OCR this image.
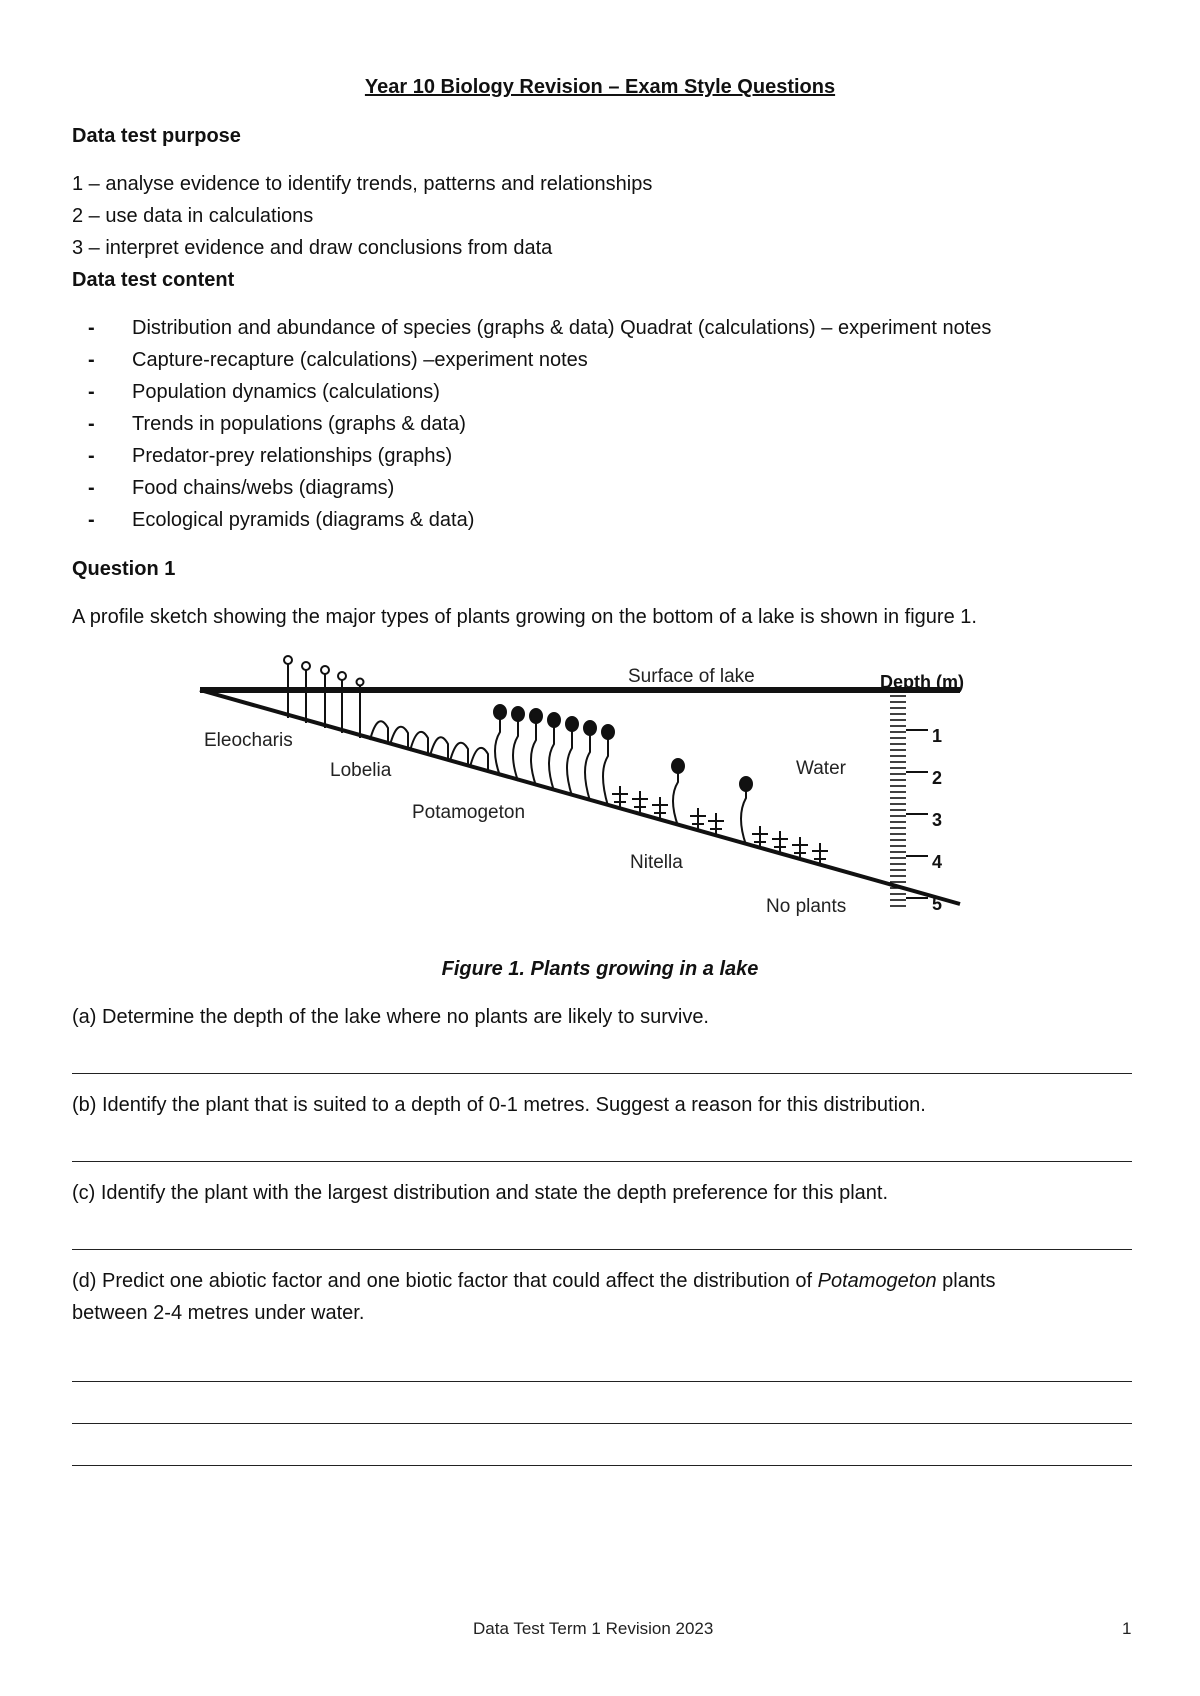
Year 10 Biology Revision – Exam Style Questions
Data test purpose
1 – analyse evidence to identify trends, patterns and relationships
2 – use data in calculations
3 – interpret evidence and draw conclusions from data
Data test content
- Distribution and abundance of species (graphs & data) Quadrat (calculations) – experiment notes
- Capture-recapture (calculations) –experiment notes
- Population dynamics (calculations)
- Trends in populations (graphs & data)
- Predator-prey relationships (graphs)
- Food chains/webs (diagrams)
- Ecological pyramids (diagrams & data)
Question 1
A profile sketch showing the major types of plants growing on the bottom of a lake is shown in figure 1.
Surface of lake	Depth (m)
Water
Eleocharis
Lobelia
Potamogeton
Nitella
No plants
1
2
3
4
5
Figure 1. Plants growing in a lake
(a) Determine the depth of the lake where no plants are likely to survive.
(b) Identify the plant that is suited to a depth of 0-1 metres. Suggest a reason for this distribution.
(c) Identify the plant with the largest distribution and state the depth preference for this plant.
(d) Predict one abiotic factor and one biotic factor that could affect the distribution of Potamogeton plants
between 2-4 metres under water.
Data Test Term 1 Revision 2023	1
